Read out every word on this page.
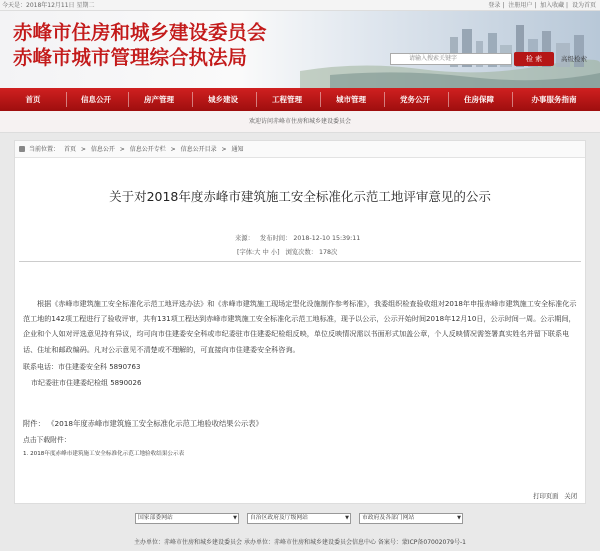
今天是：2018年12月11日 星期二	登录 | 注册用户 | 加入收藏 | 设为首页
赤峰市住房和城乡建设委员会
赤峰市城市管理综合执法局	请输入搜索关键字	检 索	高级检索
首页	信息公开	房产管理	城乡建设	工程管理	城市管理	党务公开	住房保障	办事服务指南
欢迎访问赤峰市住房和城乡建设委员会
当前位置： 首页 > 信息公开 > 信息公开专栏 > 信息公开目录 > 通知
关于对2018年度赤峰市建筑施工安全标准化示范工地评审意见的公示
来源： 发布时间： 2018-12-10 15:39:11
[字体:大 中 小] 浏览次数： 178次

根据《赤峰市建筑施工安全标准化示范工地评选办法》和《赤峰市建筑施工现场定型化设施制作参考标准》，我委组织检查验收组对2018年申报赤峰市建筑施工安全标准化示范工地的142项工程进行了验收评审，共有131项工程达到赤峰市建筑施工安全标准化示范工地标准，现予以公示，公示开始时间2018年12月10日，公示时间一周。公示期间，企业和个人如对评选意见持有异议，均可向市住建委安全科或市纪委驻市住建委纪检组反映，单位反映情况需以书面形式加盖公章，个人反映情况需签署真实姓名并留下联系电话、住址和邮政编码。凡对公示意见不清楚或不理解的，可直接向市住建委安全科咨询。

联系电话：市住建委安全科 5890763
市纪委驻市住建委纪检组 5890026
附件： 《2018年度赤峰市建筑施工安全标准化示范工地验收结果公示表》
点击下载附件：
1. 2018年度赤峰市建筑施工安全标准化示范工地验收结果公示表
打印页面 关闭
国家部委网站	▼	自治区政府及厅级网站	▼	市政府及各部门网站	▼
主办单位：赤峰市住房和城乡建设委员会 承办单位：赤峰市住房和城乡建设委员会信息中心 备案号：蒙ICP备07002079号-1
